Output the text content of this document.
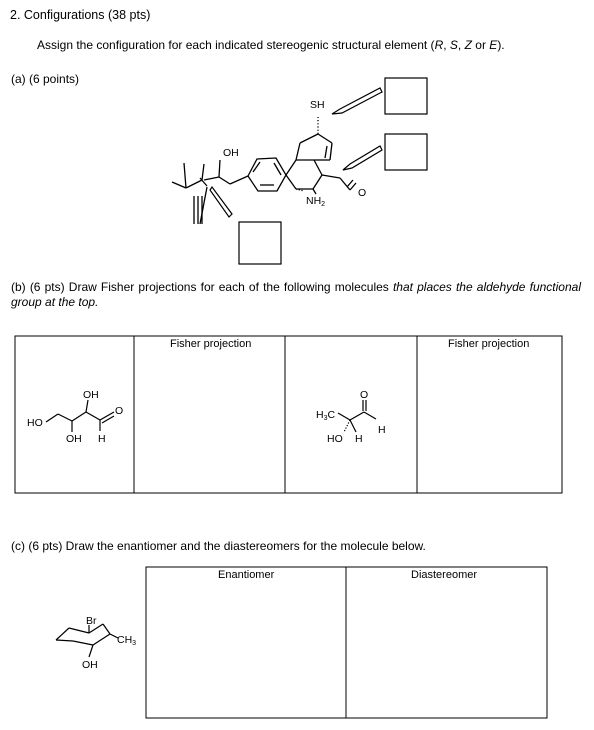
2. Configurations (38 pts)
Assign the configuration for each indicated stereogenic structural element (R, S, Z or E).
(a) (6 points)
(b) (6 pts) Draw Fisher projections for each of the following molecules that places the aldehyde functional group at the top.
(c) (6 pts) Draw the enantiomer and the diastereomers for the molecule below.
SH
OH
NH2
O
OH
HO
OH H
O	H3C
O
H
HO H
Br
CH3
OH
Fisher projection	Fisher projection
Enantiomer	Diastereomer
